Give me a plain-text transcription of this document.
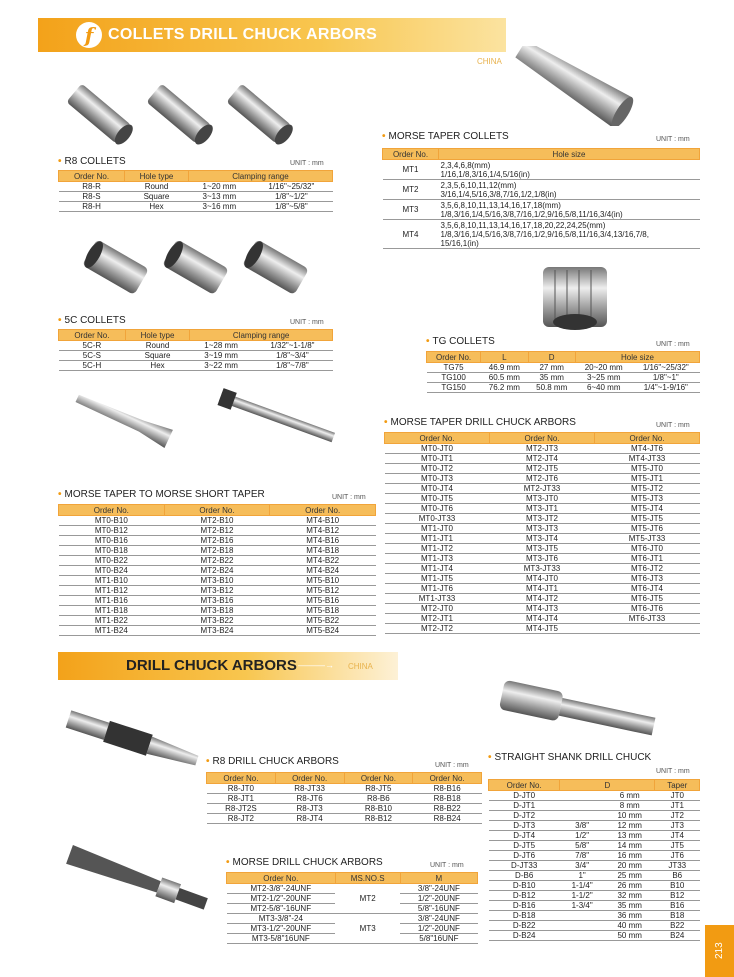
f COLLETS DRILL CHUCK ARBORS
CHINA
• R8 COLLETS	UNIT : mm
Order No.	Hole type	Clamping range	
R8-R	Round	1~20 mm	1/16"~25/32"
R8-S	Square	3~13 mm	1/8"~1/2"
R8-H	Hex	3~16 mm	1/8"~5/8"
• 5C COLLETS	UNIT : mm
Order No.	Hole type	Clamping range	
5C-R	Round	1~28 mm	1/32"~1-1/8"
5C-S	Square	3~19 mm	1/8"~3/4"
5C-H	Hex	3~22 mm	1/8"~7/8"
• MORSE TAPER COLLETS	UNIT : mm
Order No.	Hole size
MT1	2,3,4,6,8(mm)
1/16,1/8,3/16,1/4,5/16(in)

MT2	2,3,5,6,10,11,12(mm)
3/16,1/4,5/16,3/8,7/16,1/2,1/8(in)

MT3	3,5,6,8,10,11,13,14,16,17,18(mm)
1/8,3/16,1/4,5/16,3/8,7/16,1/2,9/16,5/8,11/16,3/4(in)

MT4	3,5,6,8,10,11,13,14,16,17,18,20,22,24,25(mm)
1/8,3/16,1/4,5/16,3/8,7/16,1/2,9/16,5/8,11/16,3/4,13/16,7/8,
15/16,1(in)
• TG COLLETS	UNIT : mm
Order No.	L	D	Hole size	
TG75	46.9 mm	27 mm	20~20 mm	1/16"~25/32"
TG100	60.5 mm	35 mm	3~25 mm	1/8"~1"
TG150	76.2 mm	50.8 mm	6~40 mm	1/4"~1-9/16"
• MORSE TAPER DRILL CHUCK ARBORS	UNIT : mm
Order No.	Order No.	Order No.
MT0-JT0	MT2-JT3	MT4-JT6
MT0-JT1	MT2-JT4	MT4-JT33
MT0-JT2	MT2-JT5	MT5-JT0
MT0-JT3	MT2-JT6	MT5-JT1
MT0-JT4	MT2-JT33	MT5-JT2
MT0-JT5	MT3-JT0	MT5-JT3
MT0-JT6	MT3-JT1	MT5-JT4
MT0-JT33	MT3-JT2	MT5-JT5
MT1-JT0	MT3-JT3	MT5-JT6
MT1-JT1	MT3-JT4	MT5-JT33
MT1-JT2	MT3-JT5	MT6-JT0
MT1-JT3	MT3-JT6	MT6-JT1
MT1-JT4	MT3-JT33	MT6-JT2
MT1-JT5	MT4-JT0	MT6-JT3
MT1-JT6	MT4-JT1	MT6-JT4
MT1-JT33	MT4-JT2	MT6-JT5
MT2-JT0	MT4-JT3	MT6-JT6
MT2-JT1	MT4-JT4	MT6-JT33
MT2-JT2	MT4-JT5	
• MORSE TAPER TO MORSE SHORT TAPER	UNIT : mm
Order No.	Order No.	Order No.
MT0-B10	MT2-B10	MT4-B10
MT0-B12	MT2-B12	MT4-B12
MT0-B16	MT2-B16	MT4-B16
MT0-B18	MT2-B18	MT4-B18
MT0-B22	MT2-B22	MT4-B22
MT0-B24	MT2-B24	MT4-B24
MT1-B10	MT3-B10	MT5-B10
MT1-B12	MT3-B12	MT5-B12
MT1-B16	MT3-B16	MT5-B16
MT1-B18	MT3-B18	MT5-B18
MT1-B22	MT3-B22	MT5-B22
MT1-B24	MT3-B24	MT5-B24
DRILL CHUCK ARBORS ———→ CHINA
• R8 DRILL CHUCK ARBORS	UNIT : mm
Order No.	Order No.	Order No.	Order No.
R8-JT0	R8-JT33	R8-JT5	R8-B16
R8-JT1	R8-JT6	R8-B6	R8-B18
R8-JT2S	R8-JT3	R8-B10	R8-B22
R8-JT2	R8-JT4	R8-B12	R8-B24
• MORSE DRILL CHUCK ARBORS	UNIT : mm
Order No.	MS.NO.S	M
MT2-3/8"-24UNF	MT2	3/8"-24UNF
MT2-1/2"-20UNF		1/2"-20UNF
MT2-5/8"-16UNF		5/8"-16UNF
MT3-3/8"-24	MT3	3/8"-24UNF
MT3-1/2"-20UNF		1/2"-20UNF
MT3-5/8"16UNF		5/8"16UNF
• STRAIGHT SHANK DRILL CHUCK
UNIT : mm
Order No.	D		Taper
D-JT0		6 mm	JT0
D-JT1		8 mm	JT1
D-JT2		10 mm	JT2
D-JT3	3/8"	12 mm	JT3
D-JT4	1/2"	13 mm	JT4
D-JT5	5/8"	14 mm	JT5
D-JT6	7/8"	16 mm	JT6
D-JT33	3/4"	20 mm	JT33
D-B6	1"	25 mm	B6
D-B10	1-1/4"	26 mm	B10
D-B12	1-1/2"	32 mm	B12
D-B16	1-3/4"	35 mm	B16
D-B18		36 mm	B18
D-B22		40 mm	B22
D-B24		50 mm	B24
213
